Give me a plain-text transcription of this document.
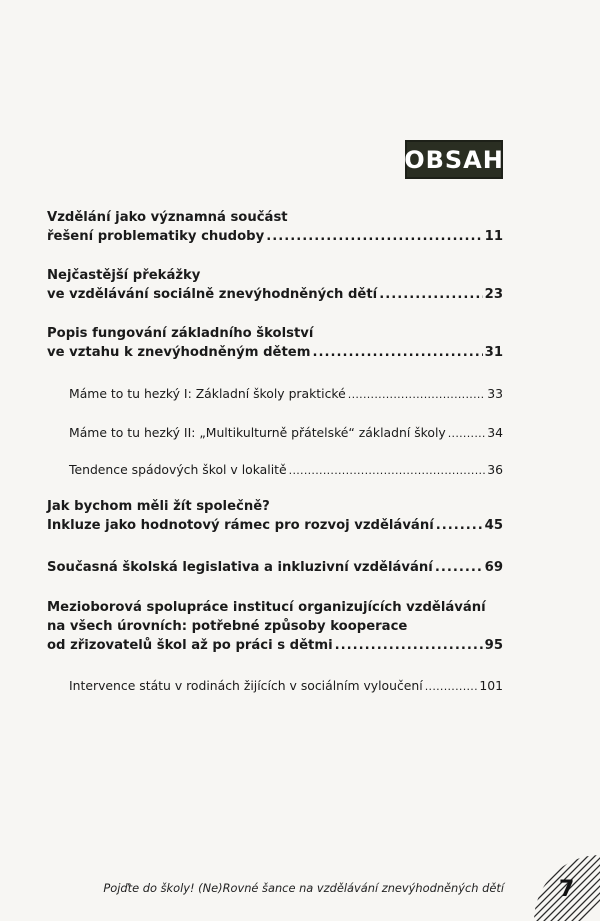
OBSAH
Vzdělání jako významná součást
řešení problematiky chudoby .....	11
Nejčastější překážky
ve vzdělávání sociálně znevýhodněných dětí .....	23
Popis fungování základního školství
ve vztahu k znevýhodněným dětem .....	31
Máme to tu hezký I: Základní školy praktické .....	33
Máme to tu hezký II: „Multikulturně přátelské“ základní školy .....	34
Tendence spádových škol v lokalitě .....	36
Jak bychom měli žít společně?
Inkluze jako hodnotový rámec pro rozvoj vzdělávání .....	45
Současná školská legislativa a inkluzivní vzdělávání .....	69
Mezioborová spolupráce institucí organizujících vzdělávání
na všech úrovních: potřebné způsoby kooperace
od zřizovatelů škol až po práci s dětmi .....	95
Intervence státu v rodinách žijících v sociálním vyloučení .....	101
Pojďte do školy! (Ne)Rovné šance na vzdělávání znevýhodněných dětí	7
